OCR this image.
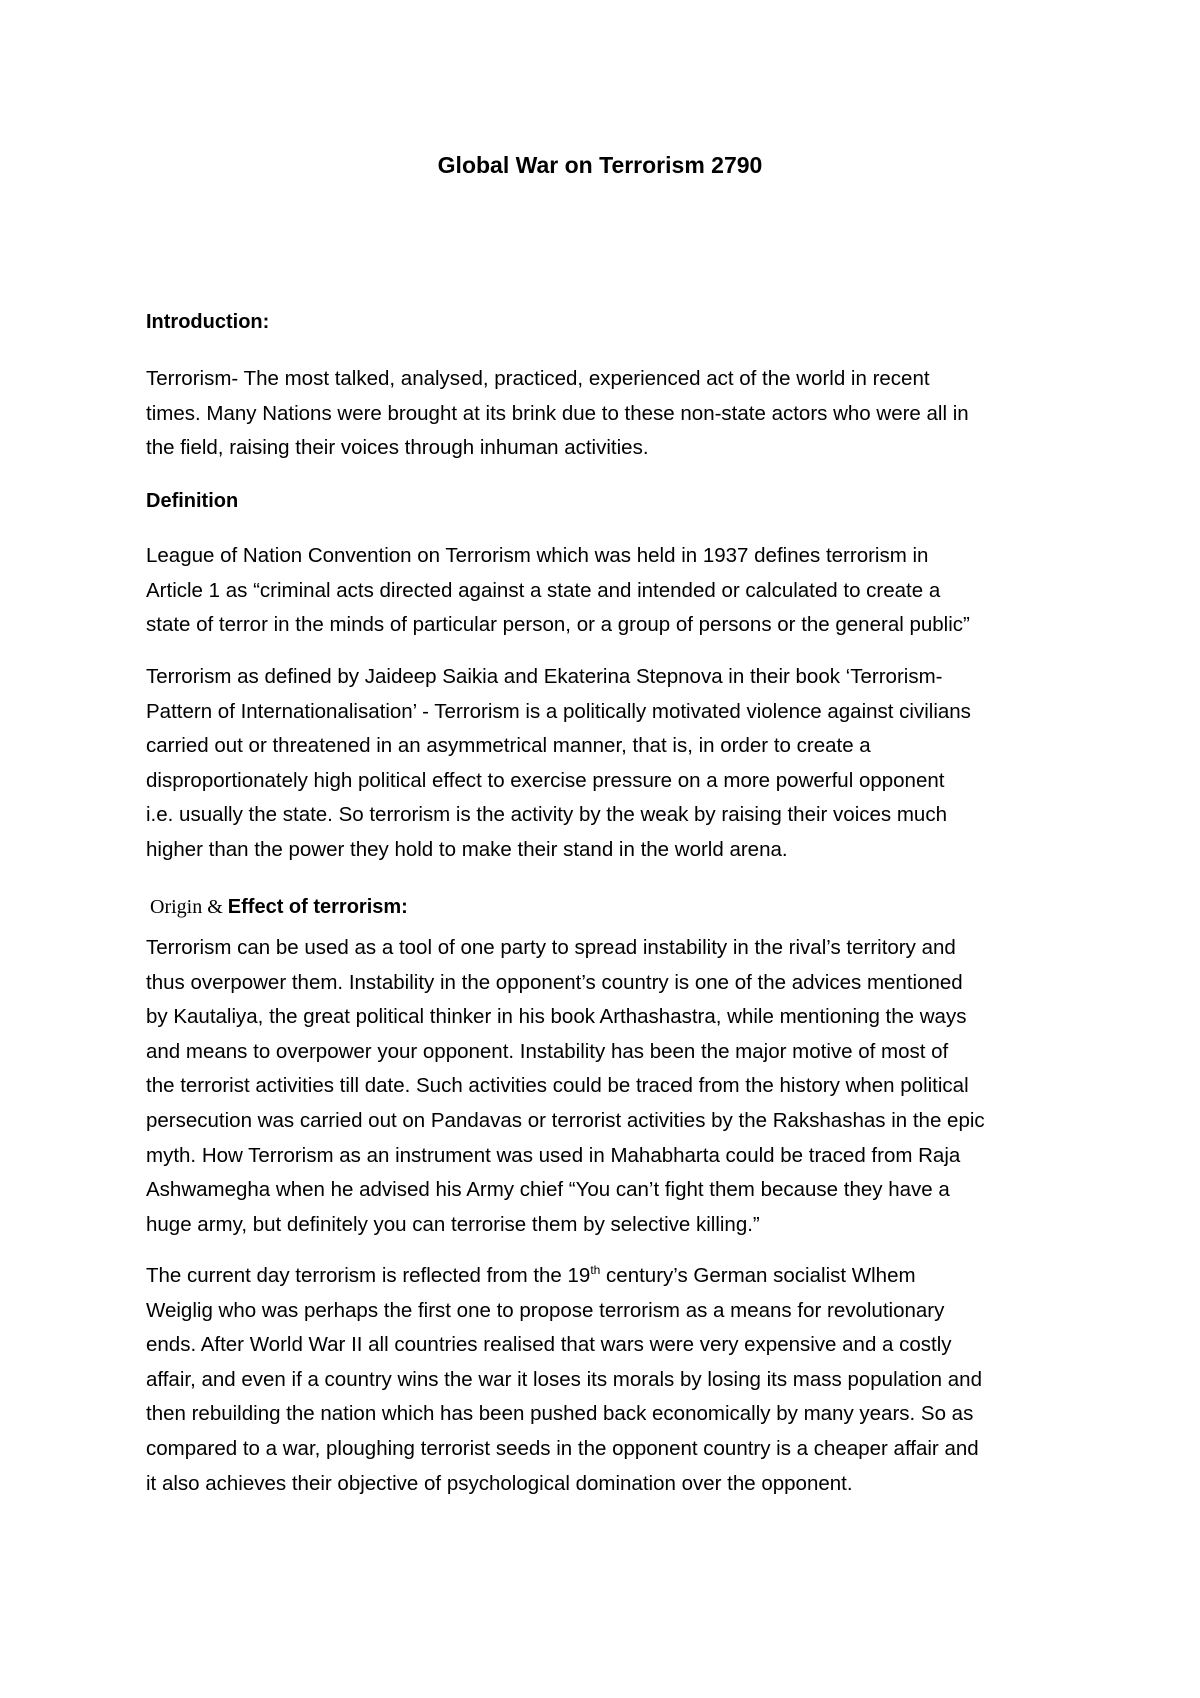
Global War on Terrorism 2790
Introduction:

Terrorism- The most talked, analysed, practiced, experienced act of the world in recent
times. Many Nations were brought at its brink due to these non-state actors who were all in
the field, raising their voices through inhuman activities.

Definition

League of Nation Convention on Terrorism which was held in 1937 defines terrorism in
Article 1 as “criminal acts directed against a state and intended or calculated to create a
state of terror in the minds of particular person, or a group of persons or the general public”

Terrorism as defined by Jaideep Saikia and Ekaterina Stepnova in their book ‘Terrorism-
Pattern of Internationalisation’ - Terrorism is a politically motivated violence against civilians
carried out or threatened in an asymmetrical manner, that is, in order to create a
disproportionately high political effect to exercise pressure on a more powerful opponent
i.e. usually the state. So terrorism is the activity by the weak by raising their voices much
higher than the power they hold to make their stand in the world arena.

Origin & Effect of terrorism:

Terrorism can be used as a tool of one party to spread instability in the rival’s territory and
thus overpower them. Instability in the opponent’s country is one of the advices mentioned
by Kautaliya, the great political thinker in his book Arthashastra, while mentioning the ways
and means to overpower your opponent. Instability has been the major motive of most of
the terrorist activities till date. Such activities could be traced from the history when political
persecution was carried out on Pandavas or terrorist activities by the Rakshashas in the epic
myth. How Terrorism as an instrument was used in Mahabharta could be traced from Raja
Ashwamegha when he advised his Army chief “You can’t fight them because they have a
huge army, but definitely you can terrorise them by selective killing.”

The current day terrorism is reflected from the 19th century’s German socialist Wlhem
Weiglig who was perhaps the first one to propose terrorism as a means for revolutionary
ends. After World War II all countries realised that wars were very expensive and a costly
affair, and even if a country wins the war it loses its morals by losing its mass population and
then rebuilding the nation which has been pushed back economically by many years. So as
compared to a war, ploughing terrorist seeds in the opponent country is a cheaper affair and
it also achieves their objective of psychological domination over the opponent.
